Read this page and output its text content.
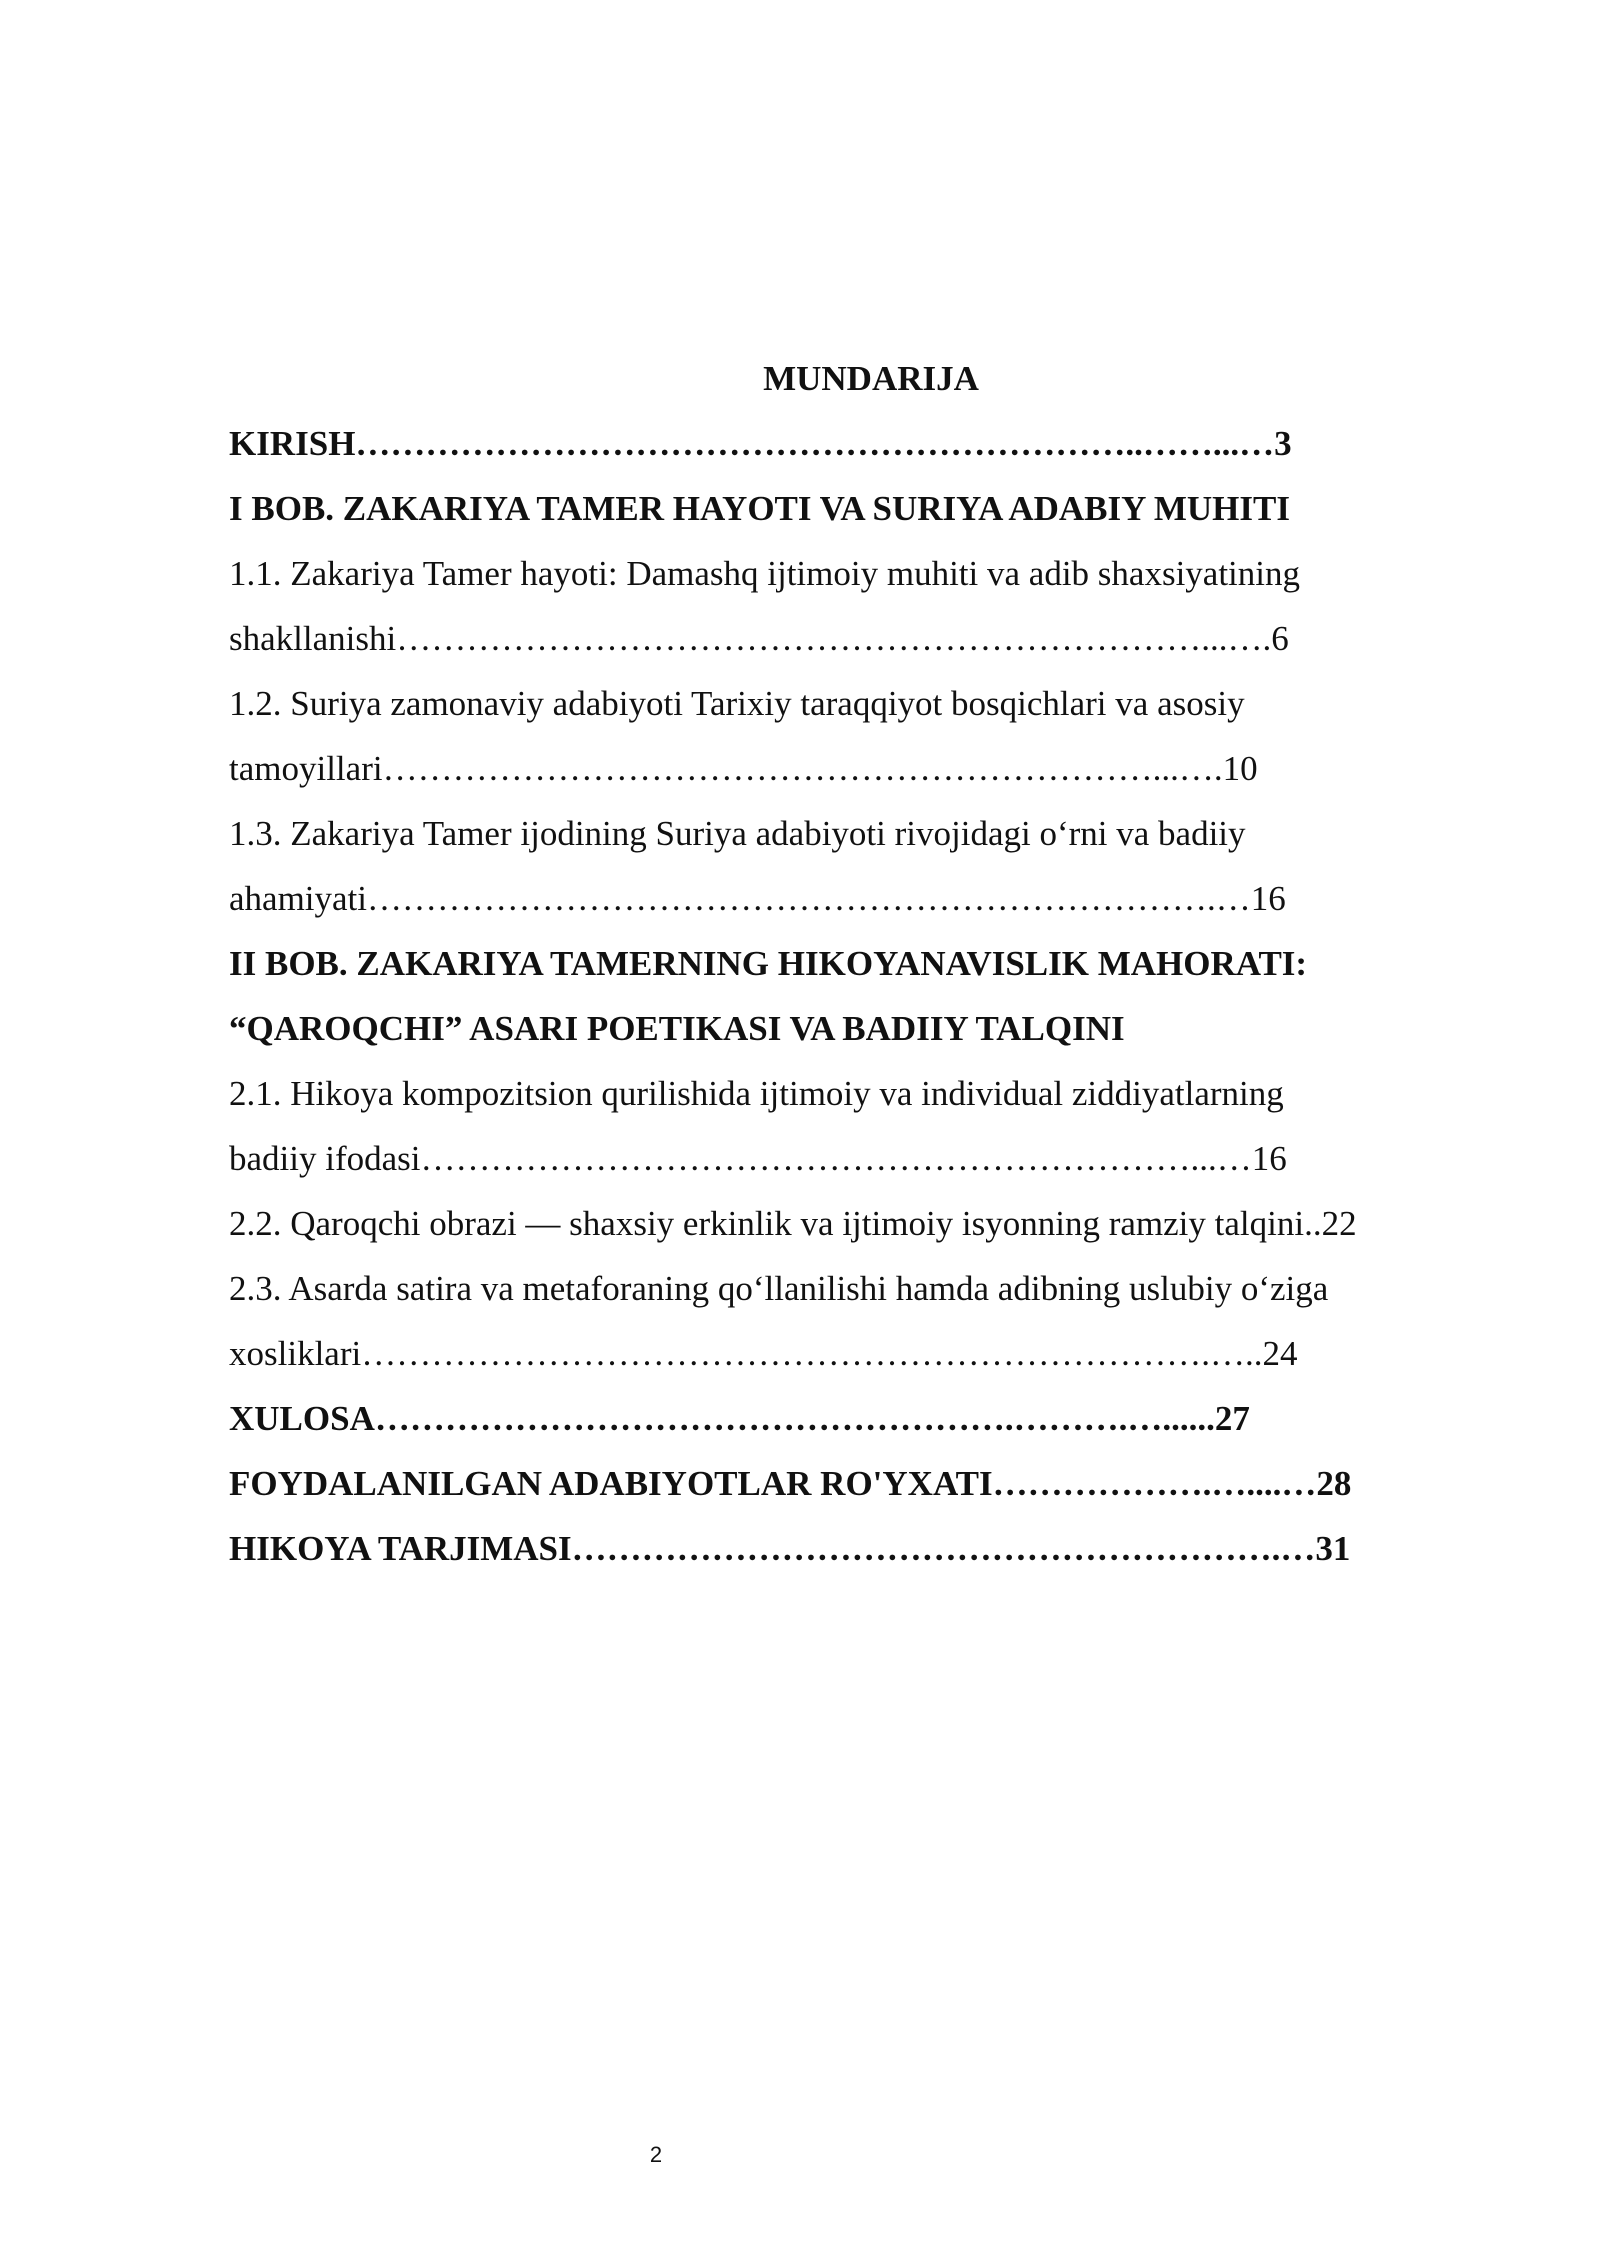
MUNDARIJA
KIRISH…………………………………………………………..……...…3
I BOB. ZAKARIYA TAMER HAYOTI VA SURIYA ADABIY MUHITI
1.1. Zakariya Tamer hayoti: Damashq ijtimoiy muhiti va adib shaxsiyatining
shakllanishi……………………………………………………………...….6
1.2. Suriya zamonaviy adabiyoti Tarixiy taraqqiyot bosqichlari va asosiy
tamoyillari…………………………………………………………...….10
1.3. Zakariya Tamer ijodining Suriya adabiyoti rivojidagi o‘rni va badiiy
ahamiyati……………………………………………………………….…16
II BOB. ZAKARIYA TAMERNING HIKOYANAVISLIK MAHORATI:
“QAROQCHI” ASARI POETIKASI VA BADIIY TALQINI
2.1. Hikoya kompozitsion qurilishida ijtimoiy va individual ziddiyatlarning
badiiy ifodasi…………………………………………………………...…16
2.2. Qaroqchi obrazi — shaxsiy erkinlik va ijtimoiy isyonning ramziy talqini..22
2.3. Asarda satira va metaforaning qo‘llanilishi hamda adibning uslubiy o‘ziga
xosliklari……………………………………………………………….…..24
XULOSA……………………………………………….……….…......27
FOYDALANILGAN ADABIYOTLAR RO'YXATI……………….…....…28
HIKOYA TARJIMASI…………………………………………………….…31
2
